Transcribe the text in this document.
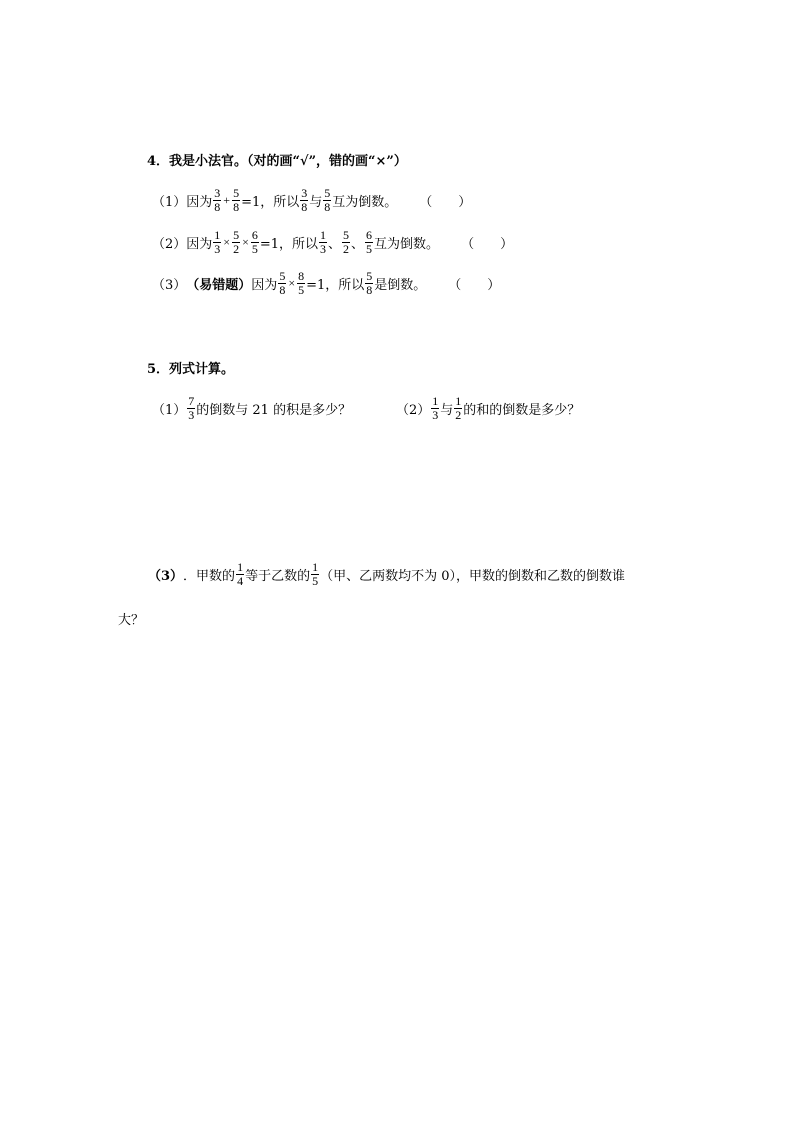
4．我是小法官。（对的画“√”，错的画“×”）
（1）因为 $\frac{3}{8} + \frac{5}{8} =1$，所以 $\frac{3}{8}$ 与 $\frac{5}{8}$ 互为倒数。 （　　）
（2）因为 $\frac{1}{3} \times \frac{5}{2} \times \frac{6}{5} =1$，所以 $\frac{1}{3}$ 、 $\frac{5}{2}$ 、 $\frac{6}{5}$ 互为倒数。 （　　）
（3） （易错题） 因为 $\frac{5}{8} \times \frac{8}{5} =1$，所以 $\frac{5}{8}$ 是倒数。 （　　）
5．列式计算。
$(1) \frac{7}{3}$ 的倒数与 21 的积是多少？	$(2) \frac{1}{3}$ 与 $\frac{1}{2}$ 的和的倒数是多少？
（3） ．甲数的 $\frac{1}{4}$ 等于乙数的 $\frac{1}{5}$ （甲、乙两数均不为 0），甲数的倒数和乙数的倒数谁
大？
